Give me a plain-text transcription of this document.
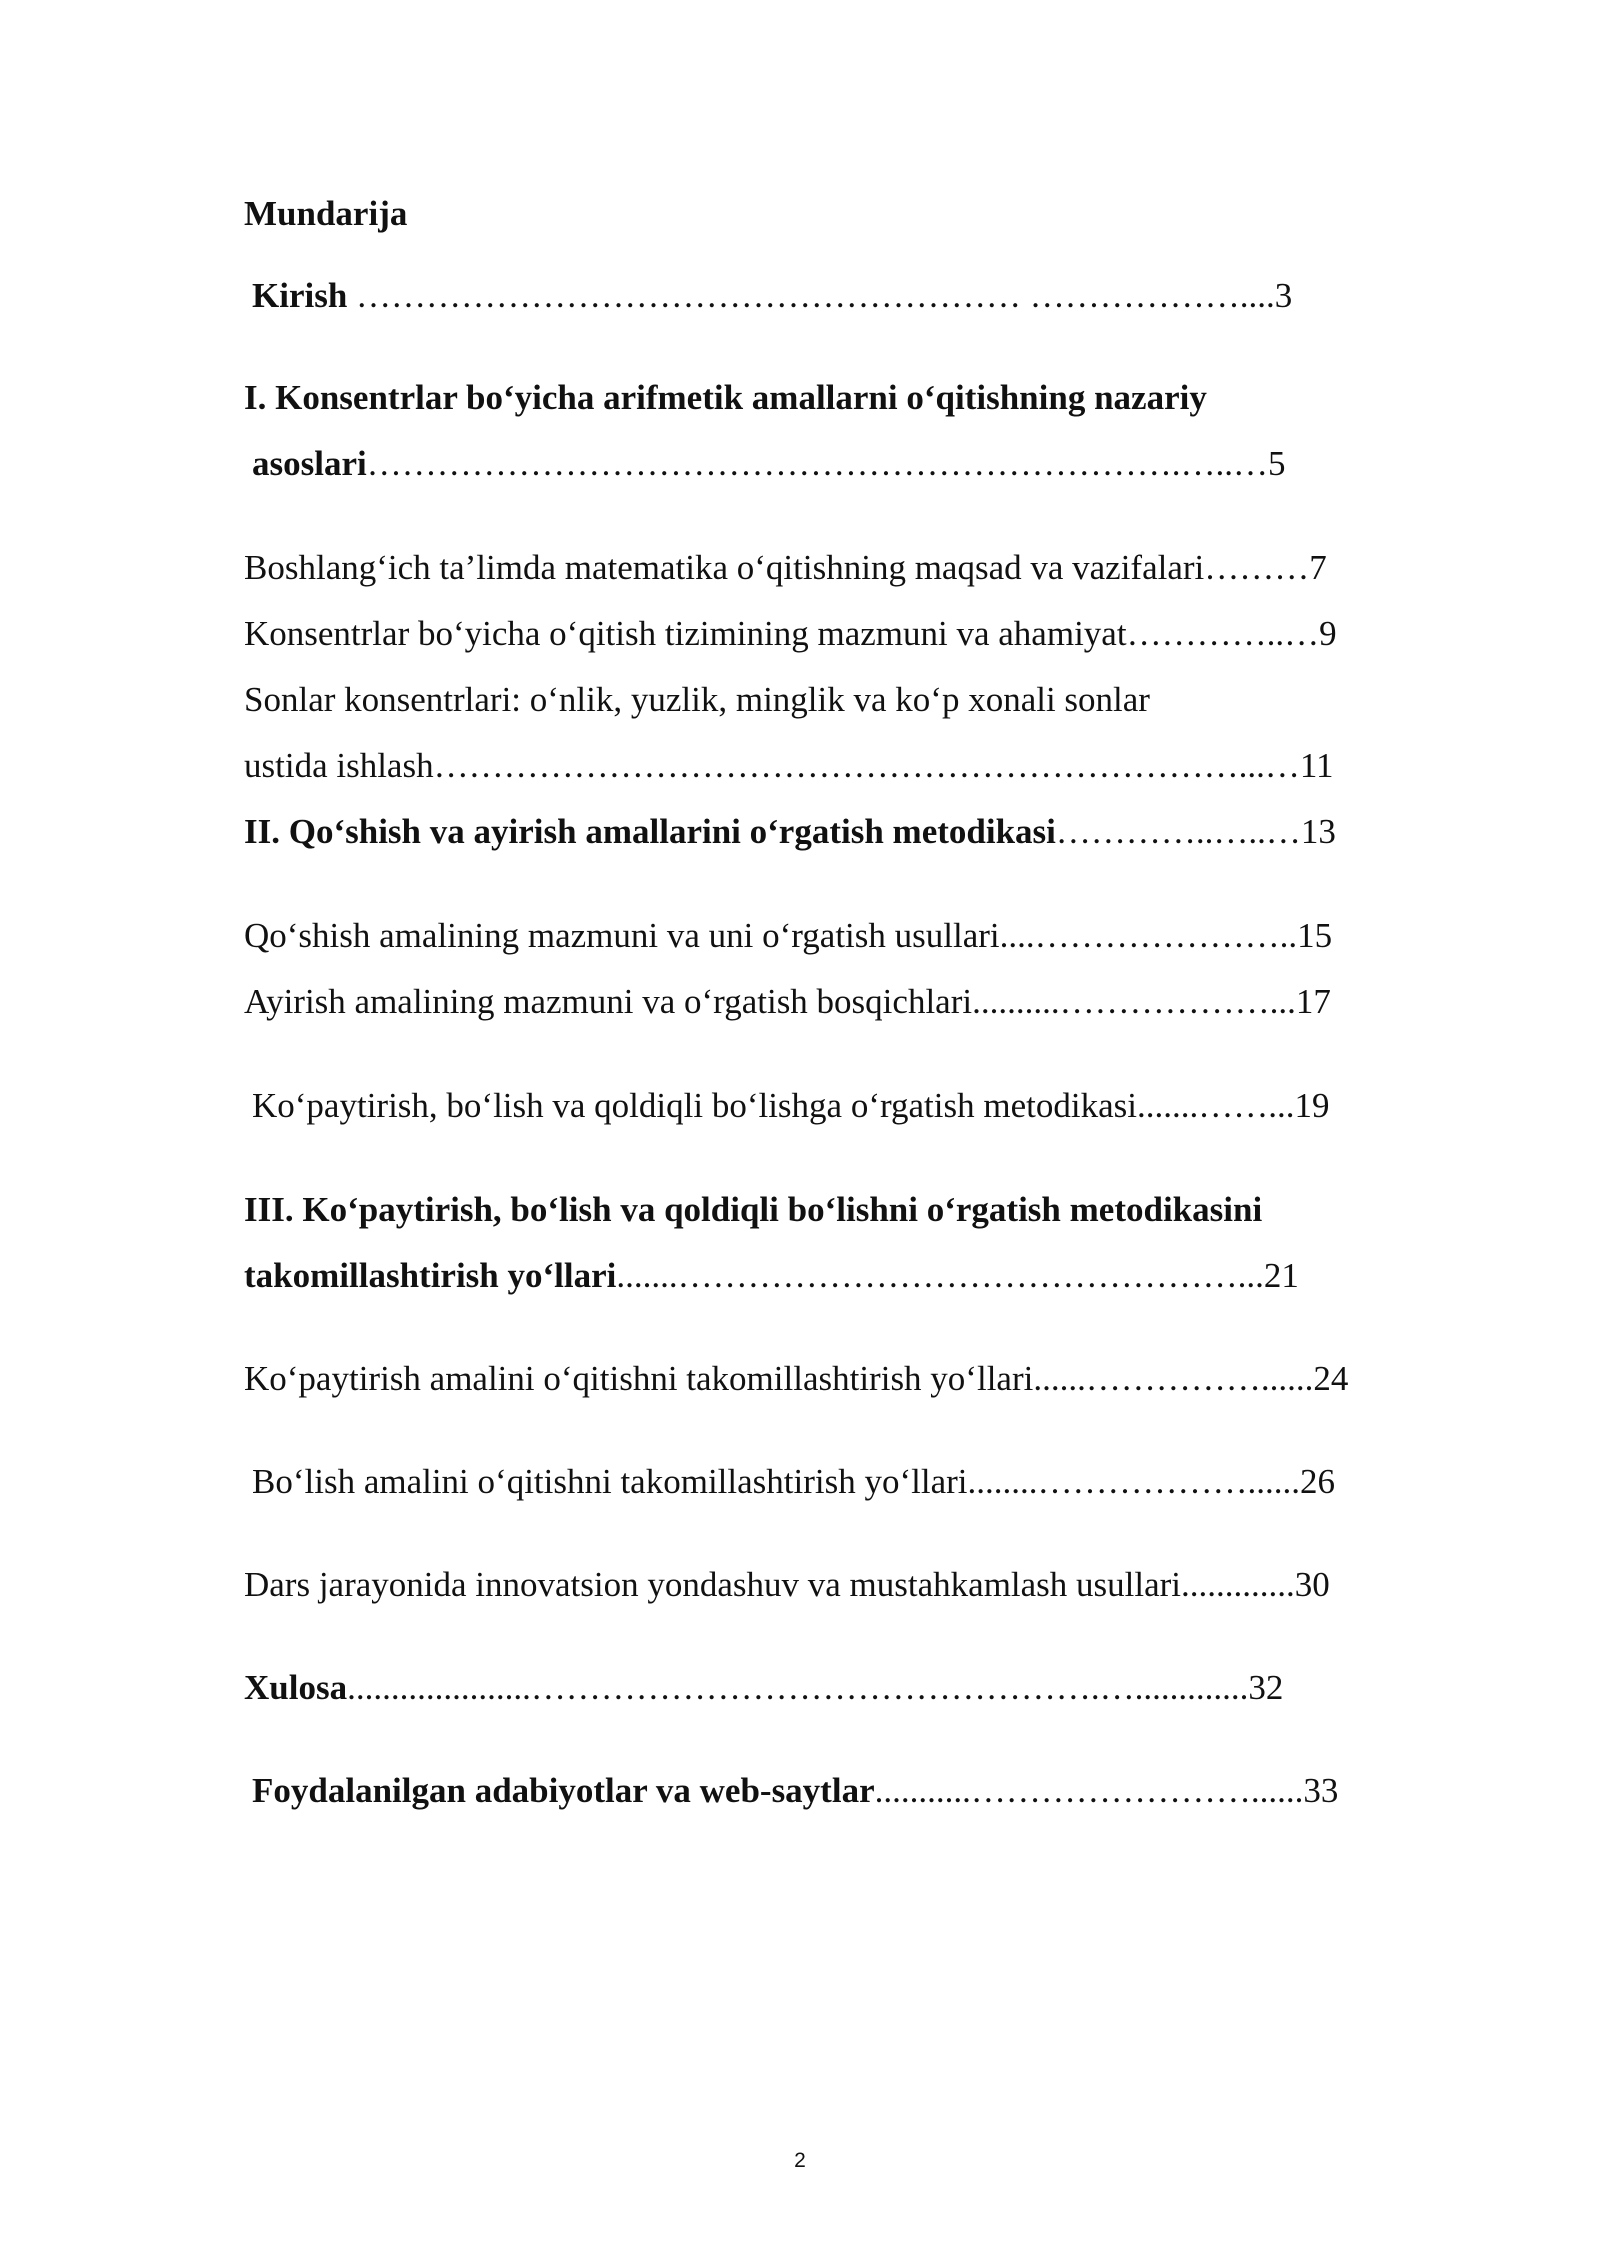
Mundarija
Kirish ………………………………………………… ………………....3
I. Konsentrlar bo‘yicha arifmetik amallarni o‘qitishning nazariy
asoslari…………………………………………………………….…..…5
Boshlang‘ich ta’limda matematika o‘qitishning maqsad va vazifalari………7
Konsentrlar bo‘yicha o‘qitish tizimining mazmuni va ahamiyat…………..…9
Sonlar konsentrlari: o‘nlik, yuzlik, minglik va ko‘p xonali sonlar
ustida ishlash……………………………………………………………...…11
II. Qo‘shish va ayirish amallarini o‘rgatish metodikasi…………..…..…13
Qo‘shish amalining mazmuni va uni o‘rgatish usullari....…………………..15
Ayirish amalining mazmuni va o‘rgatish bosqichlari..........………………...17
Ko‘paytirish, bo‘lish va qoldiqli bo‘lishga o‘rgatish metodikasi.......……...19
III. Ko‘paytirish, bo‘lish va qoldiqli bo‘lishni o‘rgatish metodikasini
takomillashtirish yo‘llari.......…………………………………………...21
Ko‘paytirish amalini o‘qitishni takomillashtirish yo‘llari......……………......24
Bo‘lish amalini o‘qitishni takomillashtirish yo‘llari........………………......26
Dars jarayonida innovatsion yondashuv va mustahkamlash usullari.............30
Xulosa.....................………………………………………….….............32
Foydalanilgan adabiyotlar va web-saytlar...........……………………......33
2
